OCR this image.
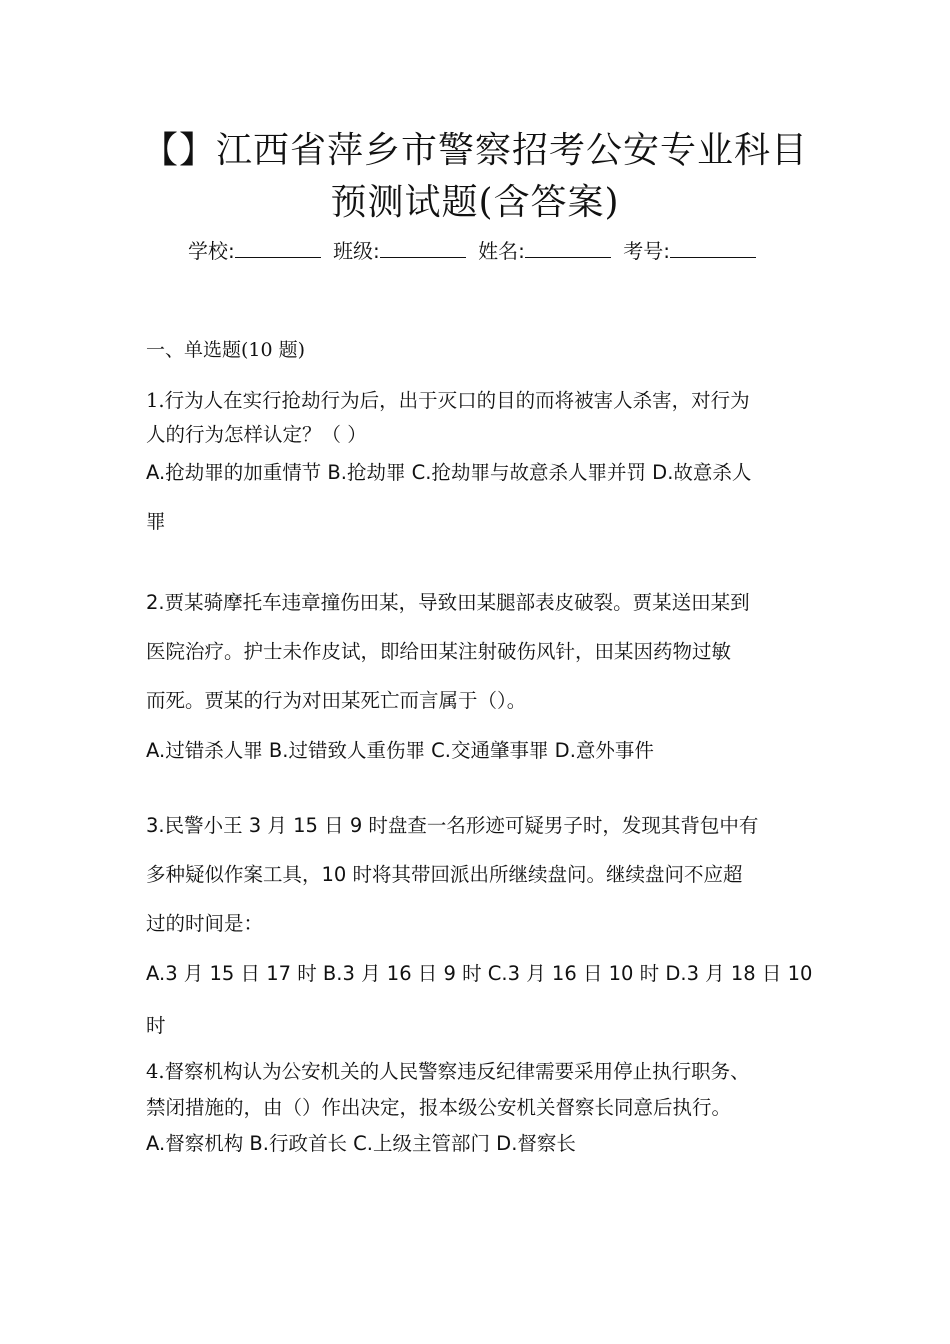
【】江西省萍乡市警察招考公安专业科目
预测试题(含答案)
学校:	班级:	姓名:	考号:
一、单选题(10 题)

1.行为人在实行抢劫行为后，出于灭口的目的而将被害人杀害，对行为

人的行为怎样认定？（ ）

A.抢劫罪的加重情节 B.抢劫罪 C.抢劫罪与故意杀人罪并罚 D.故意杀人

罪

2.贾某骑摩托车违章撞伤田某，导致田某腿部表皮破裂。贾某送田某到

医院治疗。护士未作皮试，即给田某注射破伤风针，田某因药物过敏

而死。贾某的行为对田某死亡而言属于（）。

A.过错杀人罪 B.过错致人重伤罪 C.交通肇事罪 D.意外事件

3.民警小王 3 月 15 日 9 时盘查一名形迹可疑男子时，发现其背包中有

多种疑似作案工具，10 时将其带回派出所继续盘问。继续盘问不应超

过的时间是：

A.3 月 15 日 17 时 B.3 月 16 日 9 时 C.3 月 16 日 10 时 D.3 月 18 日 10 时

4.督察机构认为公安机关的人民警察违反纪律需要采用停止执行职务、

禁闭措施的，由（）作出决定，报本级公安机关督察长同意后执行。

A.督察机构 B.行政首长 C.上级主管部门 D.督察长
